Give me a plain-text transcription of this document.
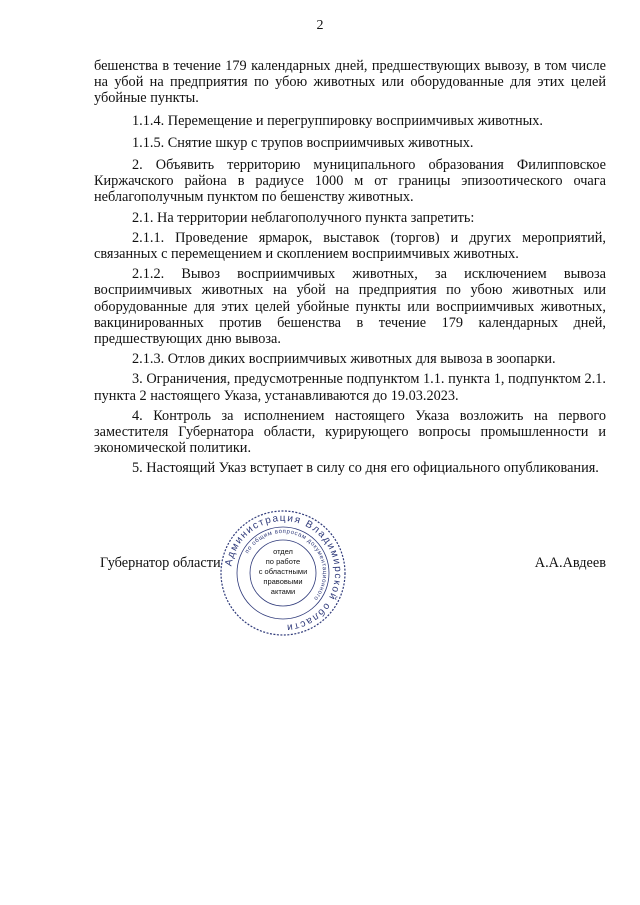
2

бешенства в течение 179 календарных дней, предшествующих вывозу, в том числе на убой на предприятия по убою животных или оборудованные для этих целей убойные пункты.

1.1.4. Перемещение и перегруппировку восприимчивых животных.

1.1.5. Снятие шкур с трупов восприимчивых животных.

2. Объявить территорию муниципального образования Филипповское Киржачского района в радиусе 1000 м от границы эпизоотического очага неблагополучным пунктом по бешенству животных.

2.1. На территории неблагополучного пункта запретить:

2.1.1. Проведение ярмарок, выставок (торгов) и других мероприятий, связанных с перемещением и скоплением восприимчивых животных.

2.1.2. Вывоз восприимчивых животных, за исключением вывоза восприимчивых животных на убой на предприятия по убою животных или оборудованные для этих целей убойные пункты или восприимчивых животных, вакцинированных против бешенства в течение 179 календарных дней, предшествующих дню вывоза.

2.1.3. Отлов диких восприимчивых животных для вывоза в зоопарки.

3. Ограничения, предусмотренные подпунктом 1.1. пункта 1, подпунктом 2.1. пункта 2 настоящего Указа, устанавливаются до 19.03.2023.

4. Контроль за исполнением настоящего Указа возложить на первого заместителя Губернатора области, курирующего вопросы промышленности и экономической политики.

5. Настоящий Указ вступает в силу со дня его официального опубликования.

Губернатор области	А.А.Авдеев
Администрация Владимирской области
по общим вопросам документационного
отдел
по работе
с областными
правовыми
актами
